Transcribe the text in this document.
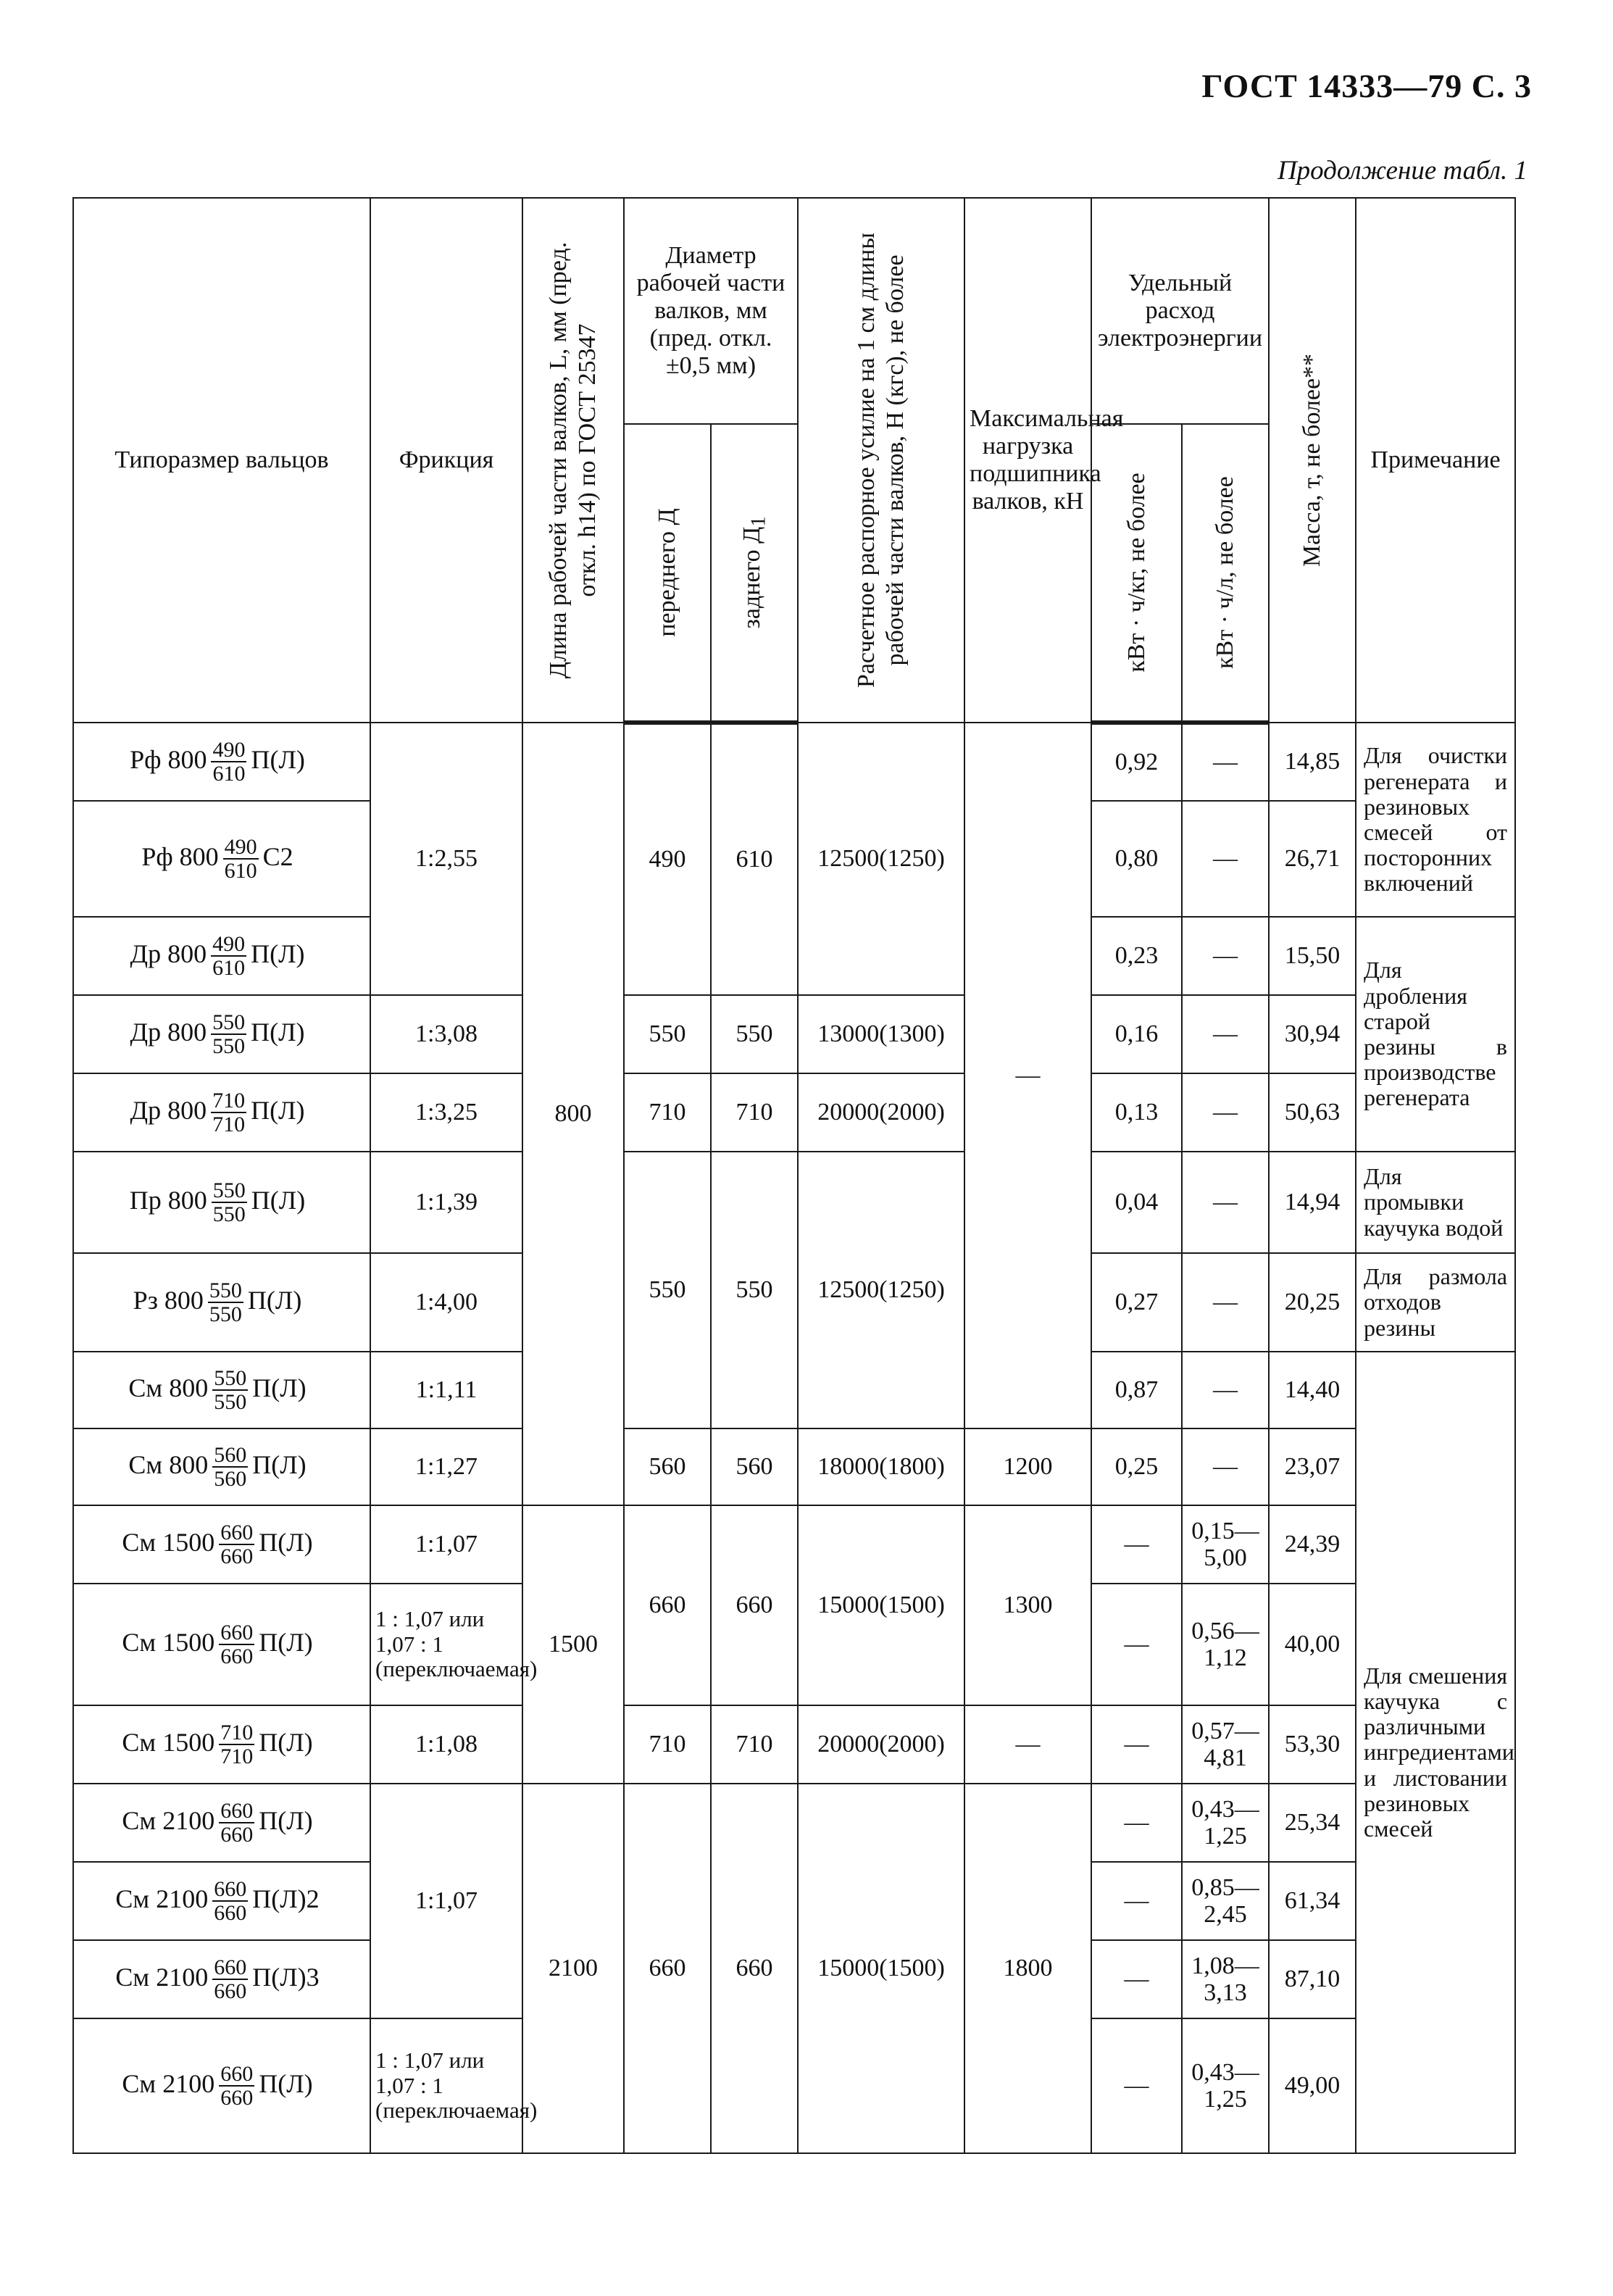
ГОСТ 14333—79 С. 3
Продолжение табл. 1
Типоразмер вальцов	Фрикция	Длина рабочей части валков, L, мм (пред. откл. h14) по ГОСТ 25347	Диаметр рабочей части валков, мм (пред. откл. ±0,5 мм)		Расчетное распорное усилие на 1 см длины рабочей части валков, Н (кгс), не более	Максимальная нагрузка подшипника валков, кН	Удельный расход электроэнергии		Масса, т, не более**	Примечание

			переднего Д	заднего $Д_1$			кВт · ч/кг, не более	кВт · ч/л, не более		

Рф $800 \frac{490}{610} П(Л)$	1:2,55	800	490	610	12500(1250)	—	0,92	—	14,85	Для очистки регенерата и резиновых смесей от посторонних включений
Рф $800 \frac{490}{610} С2$							0,80	—	26,71	
Др $800 \frac{490}{610} П(Л)$							0,23	—	15,50	Для дробления старой резины в производстве регенерата
Др $800 \frac{550}{550} П(Л)$	1:3,08		550	550	13000(1300)		0,16	—	30,94	
Др $800 \frac{710}{710} П(Л)$	1:3,25		710	710	20000(2000)		0,13	—	50,63	
Пр $800 \frac{550}{550} П(Л)$	1:1,39		550	550	12500(1250)		0,04	—	14,94	Для промывки каучука водой
Рз $800 \frac{550}{550} П(Л)$	1:4,00						0,27	—	20,25	Для размола отходов резины
См $800 \frac{550}{550} П(Л)$	1:1,11						0,87	—	14,40	Для смешения каучука с различными ингредиентами и листовании резиновых смесей
См $800 \frac{560}{560} П(Л)$	1:1,27		560	560	18000(1800)	1200	0,25	—	23,07	
См $1500 \frac{660}{660} П(Л)$	1:1,07	1500	660	660	15000(1500)	1300	—	0,15—5,00	24,39	
См $1500 \frac{660}{660} П(Л)$	1 : 1,07 или 1,07 : 1 (переключаемая)						—	0,56—1,12	40,00	
См $1500 \frac{710}{710} П(Л)$	1:1,08		710	710	20000(2000)	—	—	0,57—4,81	53,30	
См $2100 \frac{660}{660} П(Л)$	1:1,07	2100	660	660	15000(1500)	1800	—	0,43—1,25	25,34	
См $2100 \frac{660}{660} П(Л)2$							—	0,85—2,45	61,34	
См $2100 \frac{660}{660} П(Л)3$							—	1,08—3,13	87,10	
См $2100 \frac{660}{660} П(Л)$	1 : 1,07 или 1,07 : 1 (переключаемая)						—	0,43—1,25	49,00	
